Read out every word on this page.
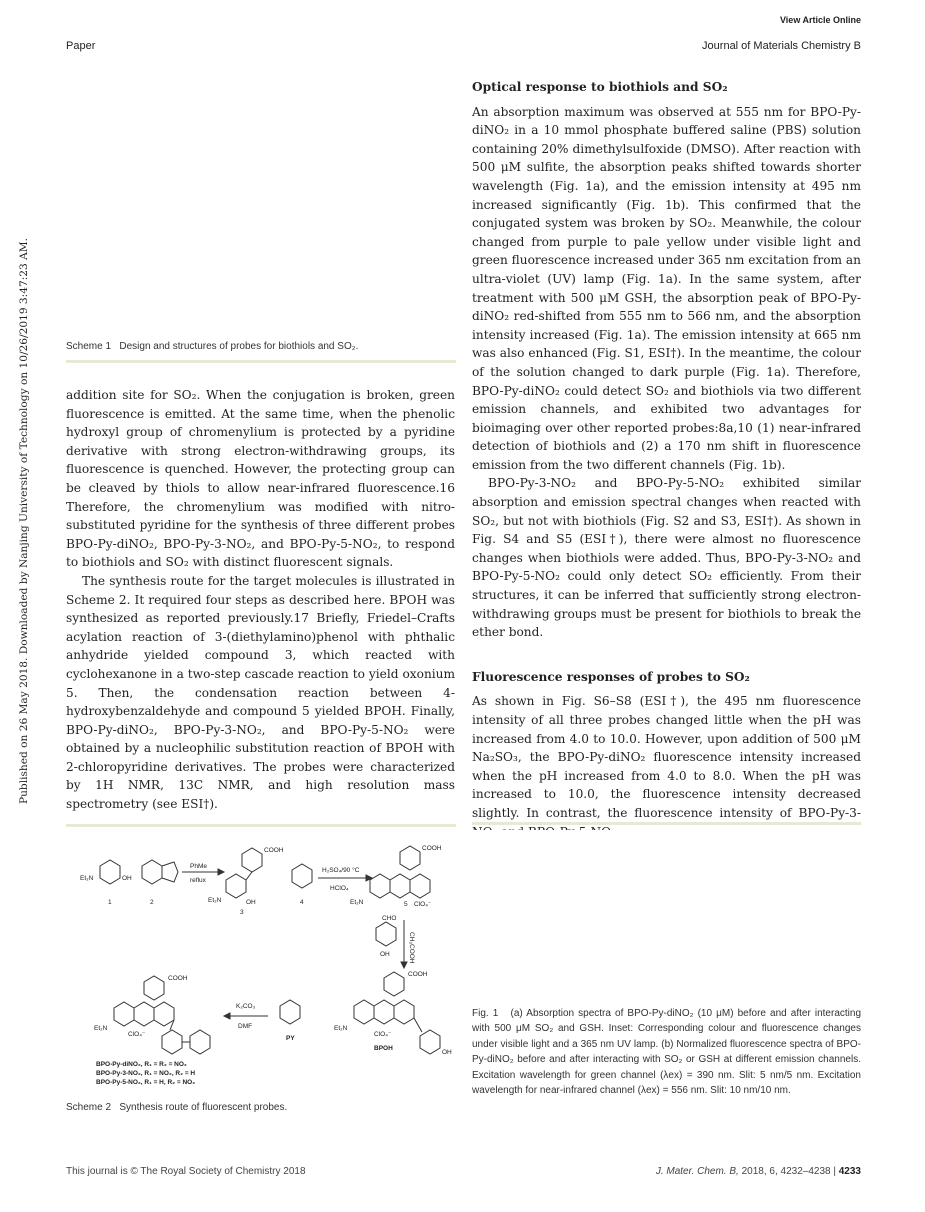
View Article Online
Paper	Journal of Materials Chemistry B
Published on 26 May 2018. Downloaded by Nanjing University of Technology on 10/26/2019 3:47:23 AM.	Scheme 1 Design and structures of probes for biothiols and SO₂.

addition site for SO₂. When the conjugation is broken, green fluorescence is emitted. At the same time, when the phenolic hydroxyl group of chromenylium is protected by a pyridine derivative with strong electron-withdrawing groups, its fluorescence is quenched. However, the protecting group can be cleaved by thiols to allow near-infrared fluorescence.16 Therefore, the chromenylium was modified with nitro-substituted pyridine for the synthesis of three different probes BPO-Py-diNO₂, BPO-Py-3-NO₂, and BPO-Py-5-NO₂, to respond to biothiols and SO₂ with distinct fluorescent signals.

The synthesis route for the target molecules is illustrated in Scheme 2. It required four steps as described here. BPOH was synthesized as reported previously.17 Briefly, Friedel–Crafts acylation reaction of 3-(diethylamino)phenol with phthalic anhydride yielded compound 3, which reacted with cyclohexanone in a two-step cascade reaction to yield oxonium 5. Then, the condensation reaction between 4-hydroxybenzaldehyde and compound 5 yielded BPOH. Finally, BPO-Py-diNO₂, BPO-Py-3-NO₂, and BPO-Py-5-NO₂ were obtained by a nucleophilic substitution reaction of BPOH with 2-chloropyridine derivatives. The probes were characterized by 1H NMR, 13C NMR, and high resolution mass spectrometry (see ESI†).

Et₂N	OH
1	2
PhMe
reflux
COOH
Et₂N	OH
3
4
H₂SO₄/90 °C
HClO₄
COOH
Et₂N	5 ClO₄⁻
CHO
OH	CH₃COOH
COOH
Et₂N
ClO₄⁻
BPOH
OH
PY
K₂CO₃
DMF
COOH
Et₂N
ClO₄⁻
BPO-Py-diNO₂, R₁ = R₂ = NO₂
BPO-Py-3-NO₂, R₁ = NO₂, R₂ = H
BPO-Py-5-NO₂, R₁ = H, R₂ = NO₂
Scheme 2 Synthesis route of fluorescent probes.

Optical response to biothiols and SO₂

An absorption maximum was observed at 555 nm for BPO-Py-diNO₂ in a 10 mmol phosphate buffered saline (PBS) solution containing 20% dimethylsulfoxide (DMSO). After reaction with 500 μM sulfite, the absorption peaks shifted towards shorter wavelength (Fig. 1a), and the emission intensity at 495 nm increased significantly (Fig. 1b). This confirmed that the conjugated system was broken by SO₂. Meanwhile, the colour changed from purple to pale yellow under visible light and green fluorescence increased under 365 nm excitation from an ultra-violet (UV) lamp (Fig. 1a). In the same system, after treatment with 500 μM GSH, the absorption peak of BPO-Py-diNO₂ red-shifted from 555 nm to 566 nm, and the absorption intensity increased (Fig. 1a). The emission intensity at 665 nm was also enhanced (Fig. S1, ESI†). In the meantime, the colour of the solution changed to dark purple (Fig. 1a). Therefore, BPO-Py-diNO₂ could detect SO₂ and biothiols via two different emission channels, and exhibited two advantages for bioimaging over other reported probes:8a,10 (1) near-infrared detection of biothiols and (2) a 170 nm shift in fluorescence emission from the two different channels (Fig. 1b).

BPO-Py-3-NO₂ and BPO-Py-5-NO₂ exhibited similar absorption and emission spectral changes when reacted with SO₂, but not with biothiols (Fig. S2 and S3, ESI†). As shown in Fig. S4 and S5 (ESI†), there were almost no fluorescence changes when biothiols were added. Thus, BPO-Py-3-NO₂ and BPO-Py-5-NO₂ could only detect SO₂ efficiently. From their structures, it can be inferred that sufficiently strong electron-withdrawing groups must be present for biothiols to break the ether bond.

Fluorescence responses of probes to SO₂

As shown in Fig. S6–S8 (ESI†), the 495 nm fluorescence intensity of all three probes changed little when the pH was increased from 4.0 to 10.0. However, upon addition of 500 μM Na₂SO₃, the BPO-Py-diNO₂ fluorescence intensity increased when the pH increased from 4.0 to 8.0. When the pH was increased to 10.0, the fluorescence intensity decreased slightly. In contrast, the fluorescence intensity of BPO-Py-3-

Fig. 1 (a) Absorption spectra of BPO-Py-diNO₂ (10 μM) before and after interacting with 500 μM SO₂ and GSH. Inset: Corresponding colour and fluorescence changes under visible light and a 365 nm UV lamp. (b) Normalized fluorescence spectra of BPO-Py-diNO₂ before and after interacting with SO₂ or GSH at different emission channels. Excitation wavelength for green channel (λex) = 390 nm. Slit: 5 nm/5 nm. Excitation wavelength for near-infrared channel (λex) = 556 nm. Slit: 10 nm/10 nm.
This journal is © The Royal Society of Chemistry 2018	J. Mater. Chem. B, 2018, 6, 4232–4238 | 4233
